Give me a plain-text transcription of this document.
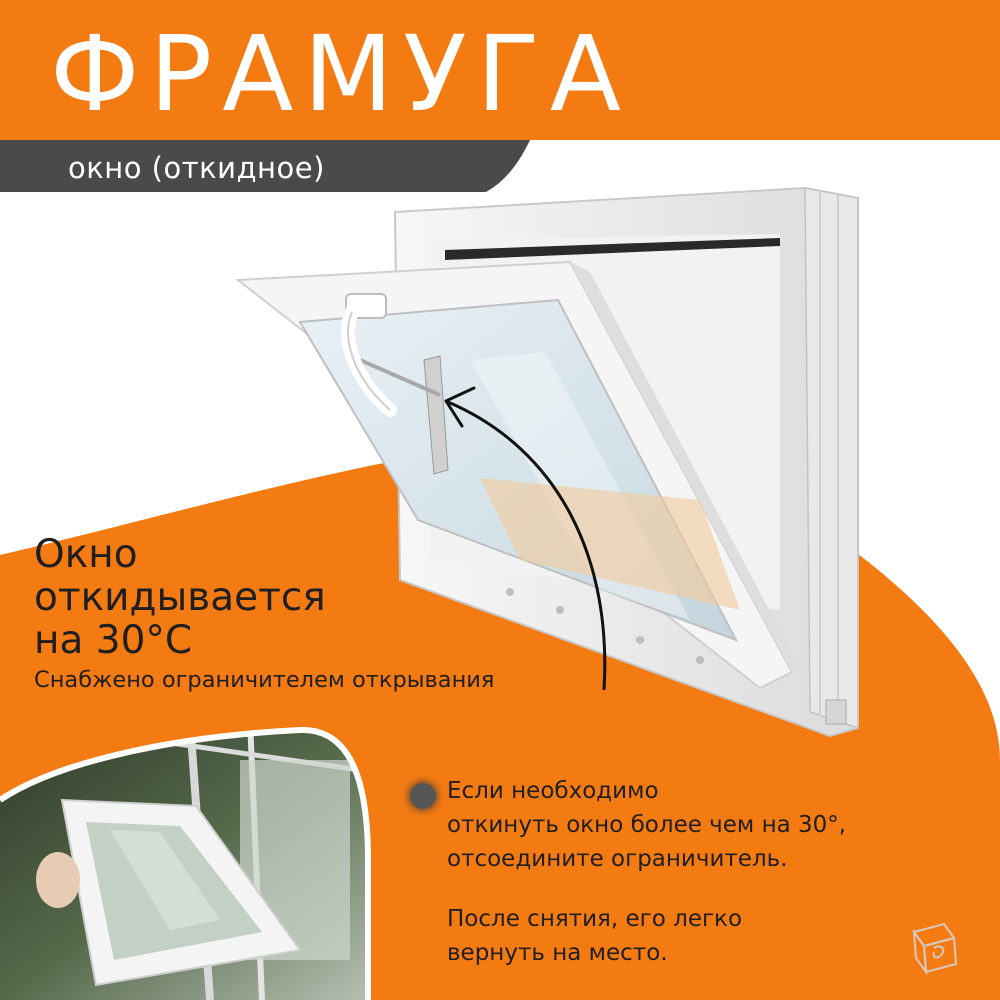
ФРАМУГА
окно (откидное)
Окно
откидывается
на 30°C
Снабжено ограничителем открывания
Если необходимо
откинуть окно более чем на 30°,
отсоедините ограничитель.
После снятия, его легко
вернуть на место.
